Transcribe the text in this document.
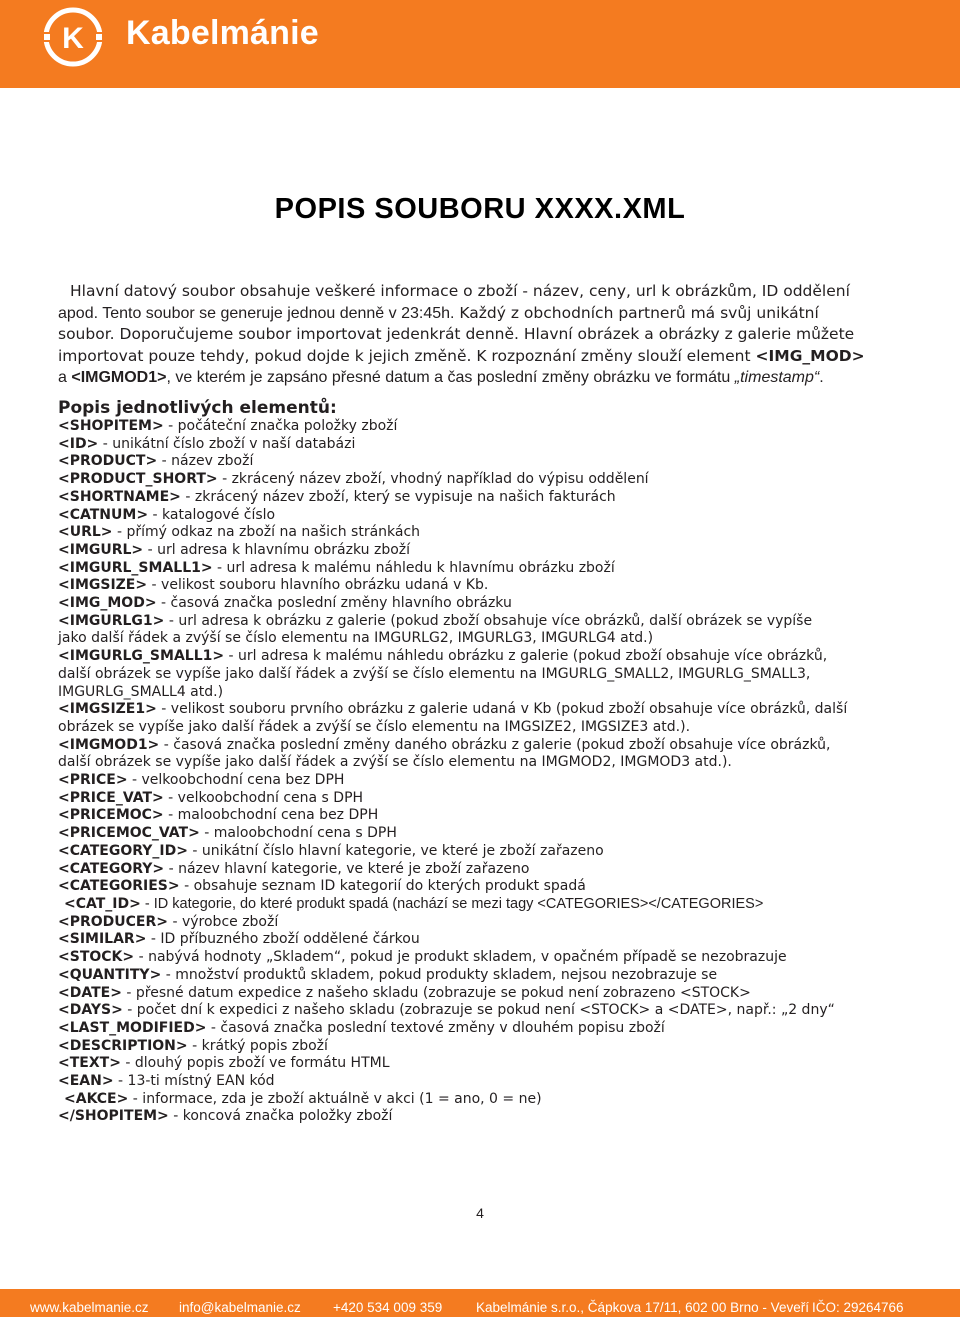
K Kabelmánie
POPIS SOUBORU XXXX.XML
Hlavní datový soubor obsahuje veškeré informace o zboží - název, ceny, url k obrázkům, ID oddělení
apod. Tento soubor se generuje jednou denně v 23:45h. Každý z obchodních partnerů má svůj unikátní
soubor. Doporučujeme soubor importovat jedenkrát denně. Hlavní obrázek a obrázky z galerie můžete
importovat pouze tehdy, pokud dojde k jejich změně. K rozpoznání změny slouží element <IMG_MOD>
a <IMGMOD1>, ve kterém je zapsáno přesné datum a čas poslední změny obrázku ve formátu „timestamp“.
Popis jednotlivých elementů:
<SHOPITEM> - počáteční značka položky zboží
<ID> - unikátní číslo zboží v naší databázi
<PRODUCT> - název zboží
<PRODUCT_SHORT> - zkrácený název zboží, vhodný například do výpisu oddělení
<SHORTNAME> - zkrácený název zboží, který se vypisuje na našich fakturách
<CATNUM> - katalogové číslo
<URL> - přímý odkaz na zboží na našich stránkách
<IMGURL> - url adresa k hlavnímu obrázku zboží
<IMGURL_SMALL1> - url adresa k malému náhledu k hlavnímu obrázku zboží
<IMGSIZE> - velikost souboru hlavního obrázku udaná v Kb.
<IMG_MOD> - časová značka poslední změny hlavního obrázku
<IMGURLG1> - url adresa k obrázku z galerie (pokud zboží obsahuje více obrázků, další obrázek se vypíše
jako další řádek a zvýší se číslo elementu na IMGURLG2, IMGURLG3, IMGURLG4 atd.)
<IMGURLG_SMALL1> - url adresa k malému náhledu obrázku z galerie (pokud zboží obsahuje více obrázků,
další obrázek se vypíše jako další řádek a zvýší se číslo elementu na IMGURLG_SMALL2, IMGURLG_SMALL3,
IMGURLG_SMALL4 atd.)
<IMGSIZE1> - velikost souboru prvního obrázku z galerie udaná v Kb (pokud zboží obsahuje více obrázků, další
obrázek se vypíše jako další řádek a zvýší se číslo elementu na IMGSIZE2, IMGSIZE3 atd.).
<IMGMOD1> - časová značka poslední změny daného obrázku z galerie (pokud zboží obsahuje více obrázků,
další obrázek se vypíše jako další řádek a zvýší se číslo elementu na IMGMOD2, IMGMOD3 atd.).
<PRICE> - velkoobchodní cena bez DPH
<PRICE_VAT> - velkoobchodní cena s DPH
<PRICEMOC> - maloobchodní cena bez DPH
<PRICEMOC_VAT> - maloobchodní cena s DPH
<CATEGORY_ID> - unikátní číslo hlavní kategorie, ve které je zboží zařazeno
<CATEGORY> - název hlavní kategorie, ve které je zboží zařazeno
<CATEGORIES> - obsahuje seznam ID kategorií do kterých produkt spadá
<CAT_ID> - ID kategorie, do které produkt spadá (nachází se mezi tagy <CATEGORIES></CATEGORIES>
<PRODUCER> - výrobce zboží
<SIMILAR> - ID příbuzného zboží oddělené čárkou
<STOCK> - nabývá hodnoty „Skladem“, pokud je produkt skladem, v opačném případě se nezobrazuje
<QUANTITY> - množství produktů skladem, pokud produkty skladem, nejsou nezobrazuje se
<DATE> - přesné datum expedice z našeho skladu (zobrazuje se pokud není zobrazeno <STOCK>
<DAYS> - počet dní k expedici z našeho skladu (zobrazuje se pokud není <STOCK> a <DATE>, např.: „2 dny“
<LAST_MODIFIED> - časová značka poslední textové změny v dlouhém popisu zboží
<DESCRIPTION> - krátký popis zboží
<TEXT> - dlouhý popis zboží ve formátu HTML
<EAN> - 13-ti místný EAN kód
<AKCE> - informace, zda je zboží aktuálně v akci (1 = ano, 0 = ne)
</SHOPITEM> - koncová značka položky zboží
4
www.kabelmanie.cz info@kabelmanie.cz +420 534 009 359	Kabelmánie s.r.o., Čápkova 17/11, 602 00 Brno - Veveří IČO: 29264766
